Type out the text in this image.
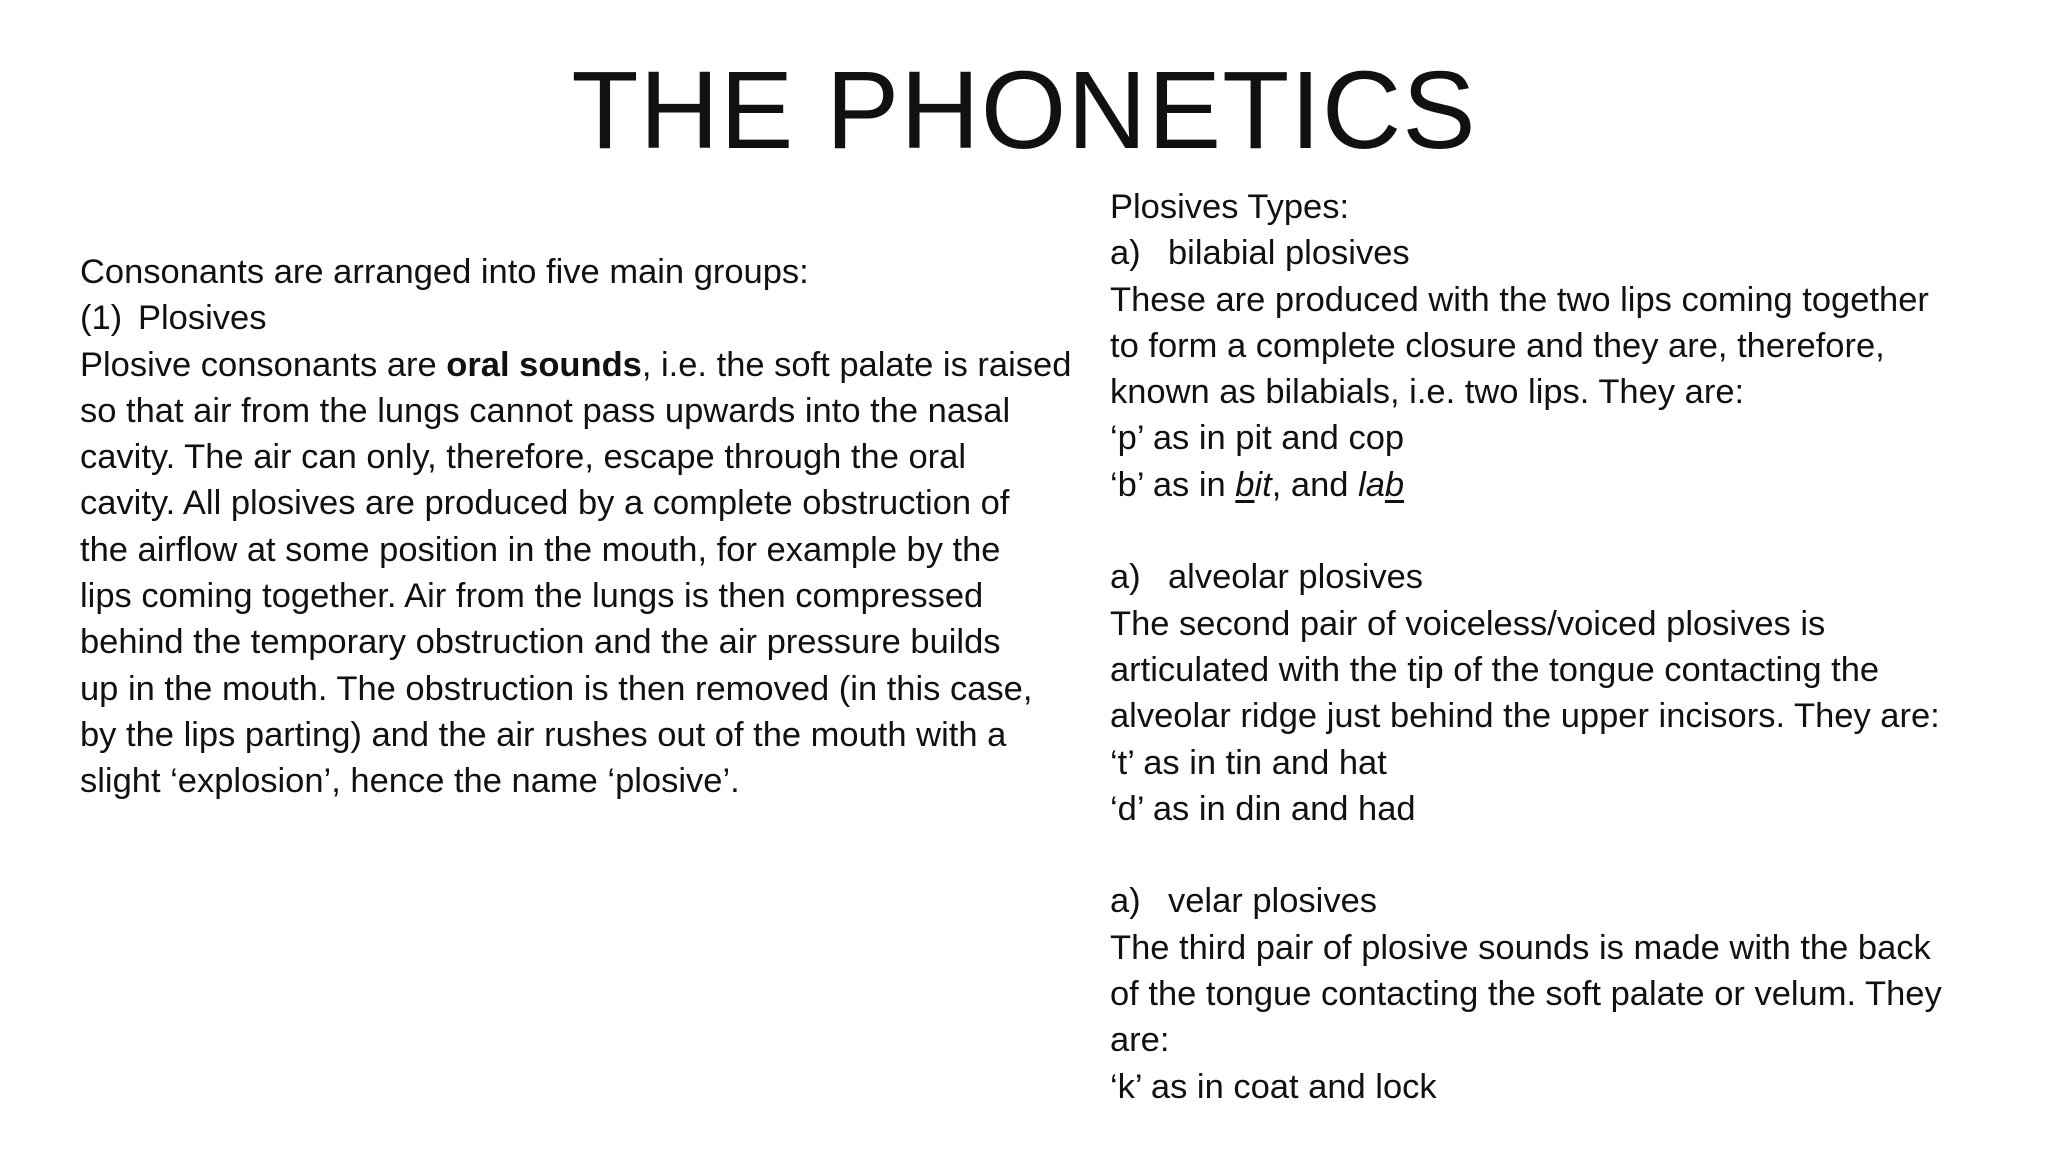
THE PHONETICS
Consonants are arranged into five main groups:
(1) Plosives
Plosive consonants are oral sounds, i.e. the soft palate is raised
so that air from the lungs cannot pass upwards into the nasal
cavity. The air can only, therefore, escape through the oral
cavity. All plosives are produced by a complete obstruction of
the airflow at some position in the mouth, for example by the
lips coming together. Air from the lungs is then compressed
behind the temporary obstruction and the air pressure builds
up in the mouth. The obstruction is then removed (in this case,
by the lips parting) and the air rushes out of the mouth with a
slight ‘explosion’, hence the name ‘plosive’.
Plosives Types:
a) bilabial plosives
These are produced with the two lips coming together
to form a complete closure and they are, therefore,
known as bilabials, i.e. two lips. They are:
‘p’ as in pit and cop
‘b’ as in bit, and lab
a) alveolar plosives
The second pair of voiceless/voiced plosives is
articulated with the tip of the tongue contacting the
alveolar ridge just behind the upper incisors. They are:
‘t’ as in tin and hat
‘d’ as in din and had
a) velar plosives
The third pair of plosive sounds is made with the back
of the tongue contacting the soft palate or velum. They
are:
‘k’ as in coat and lock
